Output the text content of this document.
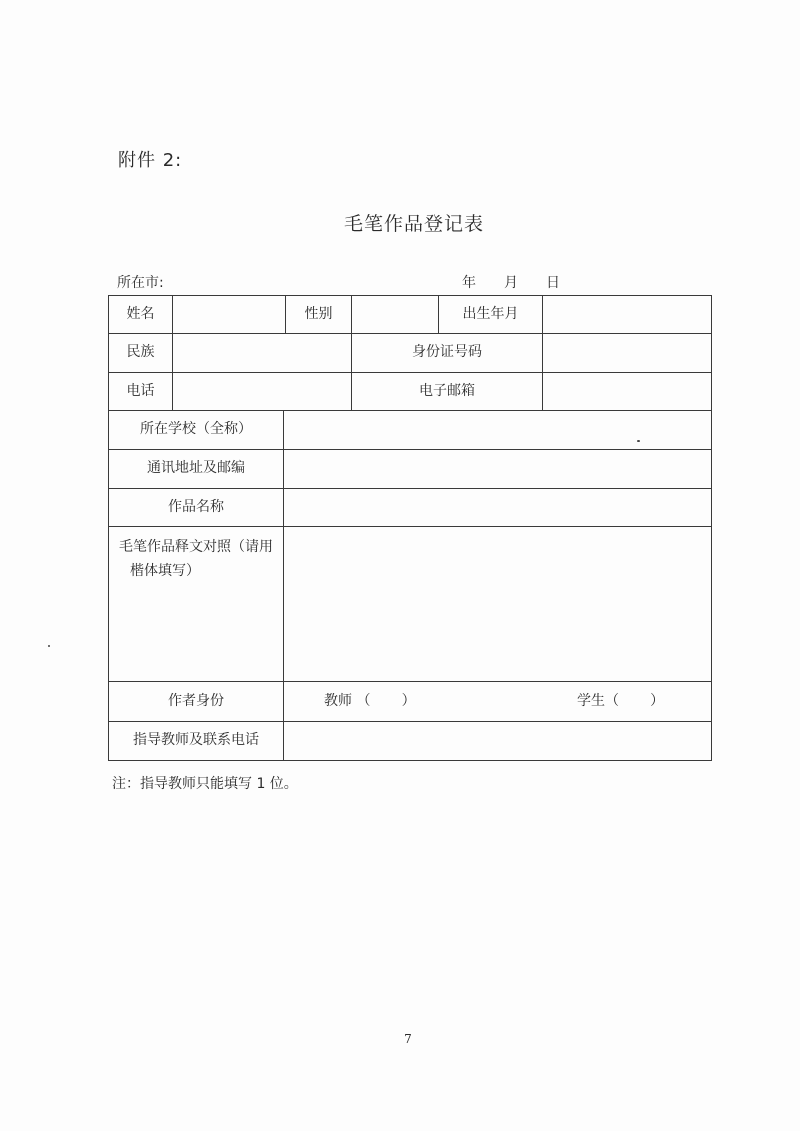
附件 2:
毛笔作品登记表
所在市:	年 月 日
姓名	性别	出生年月
民族	身份证号码
电话	电子邮箱
所在学校（全称）
通讯地址及邮编
作品名称
毛笔作品释文对照（请用
楷体填写）
作者身份	教师 （       ）	学生（       ）
指导教师及联系电话
注：指导教师只能填写 1 位。
7
